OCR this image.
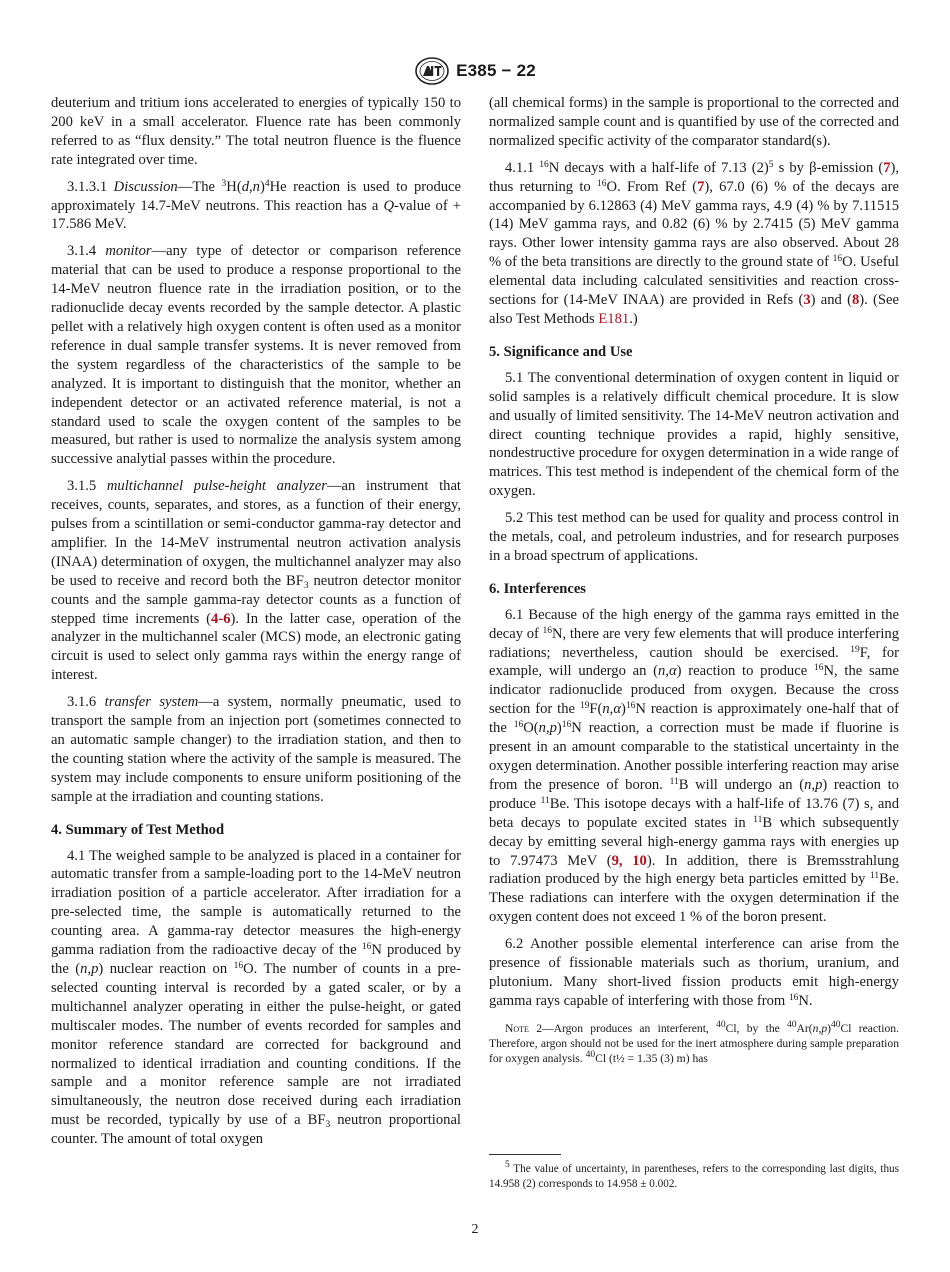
E385 − 22

deuterium and tritium ions accelerated to energies of typically 150 to 200 keV in a small accelerator. Fluence rate has been commonly referred to as “flux density.” The total neutron fluence is the fluence rate integrated over time.

3.1.3.1 Discussion—The $^3H(d,n)^4He$ reaction is used to produce approximately 14.7-MeV neutrons. This reaction has a Q-value of + 17.586 MeV.

3.1.4 monitor—any type of detector or comparison reference material that can be used to produce a response proportional to the 14-MeV neutron fluence rate in the irradiation position, or to the radionuclide decay events recorded by the sample detector. A plastic pellet with a relatively high oxygen content is often used as a monitor reference in dual sample transfer systems. It is never removed from the system regardless of the characteristics of the sample to be analyzed. It is important to distinguish that the monitor, whether an independent detector or an activated reference material, is not a standard used to scale the oxygen content of the samples to be measured, but rather is used to normalize the analysis system among successive analytial passes within the procedure.

3.1.5 multichannel pulse-height analyzer—an instrument that receives, counts, separates, and stores, as a function of their energy, pulses from a scintillation or semi-conductor gamma-ray detector and amplifier. In the 14-MeV instrumental neutron activation analysis (INAA) determination of oxygen, the multichannel analyzer may also be used to receive and record both the $BF_3$ neutron detector monitor counts and the sample gamma-ray detector counts as a function of stepped time increments (4-6). In the latter case, operation of the analyzer in the multichannel scaler (MCS) mode, an electronic gating circuit is used to select only gamma rays within the energy range of interest.

3.1.6 transfer system—a system, normally pneumatic, used to transport the sample from an injection port (sometimes connected to an automatic sample changer) to the irradiation station, and then to the counting station where the activity of the sample is measured. The system may include components to ensure uniform positioning of the sample at the irradiation and counting stations.

4. Summary of Test Method

4.1 The weighed sample to be analyzed is placed in a container for automatic transfer from a sample-loading port to the 14-MeV neutron irradiation position of a particle accelerator. After irradiation for a pre-selected time, the sample is automatically returned to the counting area. A gamma-ray detector measures the high-energy gamma radiation from the radioactive decay of the $^{16}$N produced by the (n,p) nuclear reaction on $^{16}$O. The number of counts in a pre-selected counting interval is recorded by a gated scaler, or by a multichannel analyzer operating in either the pulse-height, or gated multiscaler modes. The number of events recorded for samples and monitor reference standard are corrected for background and normalized to identical irradiation and counting conditions. If the sample and a monitor reference sample are not irradiated simultaneously, the neutron dose received during each irradiation must be recorded, typically by use of a $BF_3$ neutron proportional counter. The amount of total oxygen

(all chemical forms) in the sample is proportional to the corrected and normalized sample count and is quantified by use of the corrected and normalized specific activity of the comparator standard(s).

4.1.1 $^{16}$N decays with a half-life of 7.13 $(2)^5$ s by β-emission (7), thus returning to $^{16}$O. From Ref (7), 67.0 (6) % of the decays are accompanied by 6.12863 (4) MeV gamma rays, 4.9 (4) % by 7.11515 (14) MeV gamma rays, and 0.82 (6) % by 2.7415 (5) MeV gamma rays. Other lower intensity gamma rays are also observed. About 28 % of the beta transitions are directly to the ground state of $^{16}$O. Useful elemental data including calculated sensitivities and reaction cross-sections for (14-MeV INAA) are provided in Refs (3) and (8). (See also Test Methods E181.)

5. Significance and Use

5.1 The conventional determination of oxygen content in liquid or solid samples is a relatively difficult chemical procedure. It is slow and usually of limited sensitivity. The 14-MeV neutron activation and direct counting technique provides a rapid, highly sensitive, nondestructive procedure for oxygen determination in a wide range of matrices. This test method is independent of the chemical form of the oxygen.

5.2 This test method can be used for quality and process control in the metals, coal, and petroleum industries, and for research purposes in a broad spectrum of applications.

6. Interferences

6.1 Because of the high energy of the gamma rays emitted in the decay of $^{16}$N, there are very few elements that will produce interfering radiations; nevertheless, caution should be exercised. $^{19}$F, for example, will undergo an (n,α) reaction to produce $^{16}$N, the same indicator radionuclide produced from oxygen. Because the cross section for the $^{19}F(n,\alpha)^{16}N$ reaction is approximately one-half that of the $^{16}O(n,p)^{16}N$ reaction, a correction must be made if fluorine is present in an amount comparable to the statistical uncertainty in the oxygen determination. Another possible interfering reaction may arise from the presence of boron. $^{11}$B will undergo an (n,p) reaction to produce $^{11}$Be. This isotope decays with a half-life of 13.76 (7) s, and beta decays to populate excited states in $^{11}$B which subsequently decay by emitting several high-energy gamma rays with energies up to 7.97473 MeV (9, 10). In addition, there is Bremsstrahlung radiation produced by the high energy beta particles emitted by $^{11}$Be. These radiations can interfere with the oxygen determination if the oxygen content does not exceed 1 % of the boron present.

6.2 Another possible elemental interference can arise from the presence of fissionable materials such as thorium, uranium, and plutonium. Many short-lived fission products emit high-energy gamma rays capable of interfering with those from $^{16}$N.

Note 2—Argon produces an interferent, $^{40}$Cl, by the $^{40}Ar(n,p)^{40}Cl$ reaction. Therefore, argon should not be used for the inert atmosphere during sample preparation for oxygen analysis. $^{40}$Cl (t½ = 1.35 (3) m) has

$^5$ The value of uncertainty, in parentheses, refers to the corresponding last digits, thus 14.958 (2) corresponds to 14.958 ± 0.002.
2
